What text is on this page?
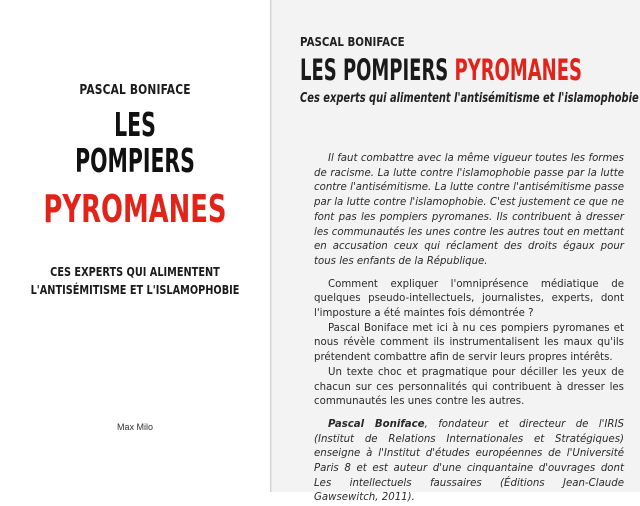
PASCAL BONIFACE
LES
POMPIERS
PYROMANES
CES EXPERTS QUI ALIMENTENT
L'ANTISÉMITISME ET L'ISLAMOPHOBIE
Max Milo
PASCAL BONIFACE
LES POMPIERS PYROMANES
Ces experts qui alimentent l'antisémitisme et l'islamophobie

Il faut combattre avec la même vigueur toutes les formes de racisme. La lutte contre l'islamophobie passe par la lutte contre l'antisémitisme. La lutte contre l'antisémitisme passe par la lutte contre l'islamophobie. C'est justement ce que ne font pas les pompiers pyromanes. Ils contribuent à dresser les communautés les unes contre les autres tout en mettant en accusation ceux qui réclament des droits égaux pour tous les enfants de la République.

Comment expliquer l'omniprésence médiatique de quelques pseudo-intellectuels, journalistes, experts, dont l'imposture a été maintes fois démontrée ?

Pascal Boniface met ici à nu ces pompiers pyromanes et nous révèle comment ils instrumentalisent les maux qu'ils prétendent combattre afin de servir leurs propres intérêts.

Un texte choc et pragmatique pour déciller les yeux de chacun sur ces personnalités qui contribuent à dresser les communautés les unes contre les autres.

Pascal Boniface, fondateur et directeur de l'IRIS (Institut de Relations Internationales et Stratégiques) enseigne à l'Institut d'études européennes de l'Université Paris 8 et est auteur d'une cinquantaine d'ouvrages dont Les intellectuels faussaires (Éditions Jean-Claude Gawsewitch, 2011).
